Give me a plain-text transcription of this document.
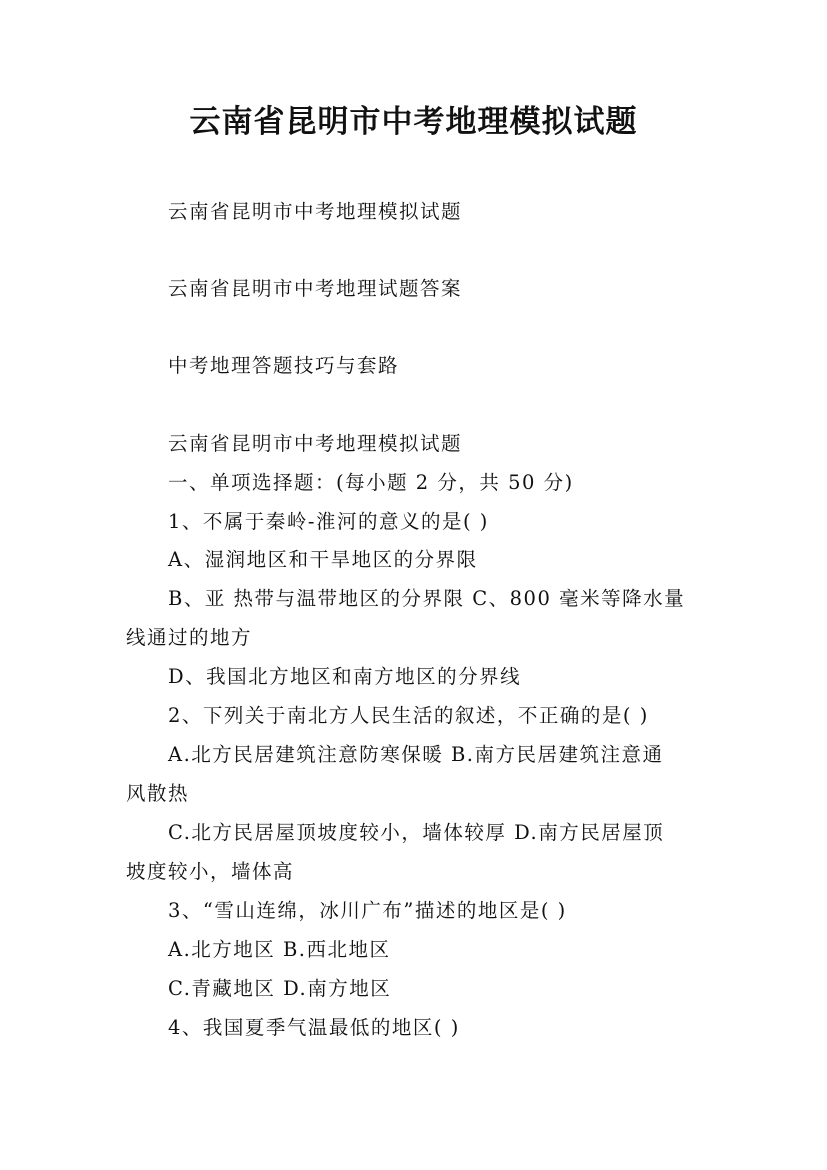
云南省昆明市中考地理模拟试题
云南省昆明市中考地理模拟试题
云南省昆明市中考地理试题答案
中考地理答题技巧与套路
云南省昆明市中考地理模拟试题
一、单项选择题：(每小题 2 分，共 50 分)
1、不属于秦岭-淮河的意义的是( )
A、湿润地区和干旱地区的分界限
B、亚 热带与温带地区的分界限 C、800 毫米等降水量
线通过的地方
D、我国北方地区和南方地区的分界线
2、下列关于南北方人民生活的叙述，不正确的是( )
A.北方民居建筑注意防寒保暖 B.南方民居建筑注意通
风散热
C.北方民居屋顶坡度较小，墙体较厚 D.南方民居屋顶
坡度较小，墙体高
3、“雪山连绵，冰川广布”描述的地区是( )
A.北方地区 B.西北地区
C.青藏地区 D.南方地区
4、我国夏季气温最低的地区( )
